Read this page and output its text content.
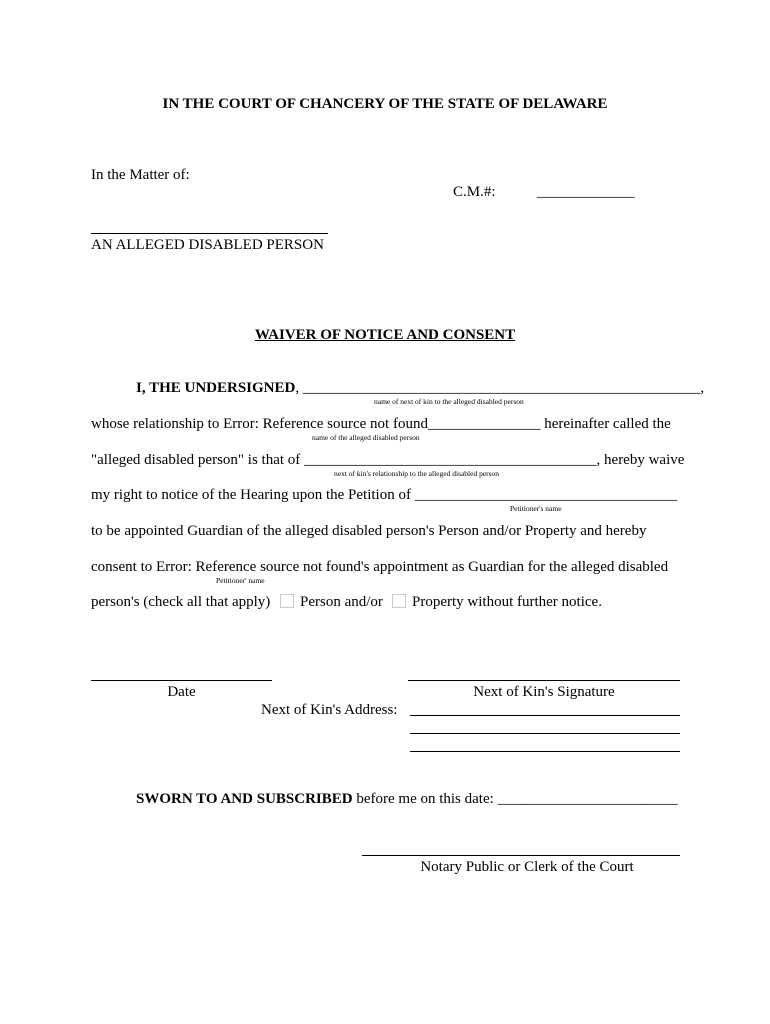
IN THE COURT OF CHANCERY OF THE STATE OF DELAWARE
In the Matter of:
C.M.#:	_____________
AN ALLEGED DISABLED PERSON
WAIVER OF NOTICE AND CONSENT
I, THE UNDERSIGNED, _____________________________________________________,
name of next of kin to the alleged disabled person
whose relationship to Error: Reference source not found_______________ hereinafter called the
name of the alleged disabled person
"alleged disabled person" is that of _______________________________________, hereby waive
next of kin's relationship to the alleged disabled person
my right to notice of the Hearing upon the Petition of ___________________________________
Petitioner's name
to be appointed Guardian of the alleged disabled person's Person and/or Property and hereby
consent to Error: Reference source not found's appointment as Guardian for the alleged disabled
Petitioner' name
person's (check all that apply) Person and/or Property without further notice.
Date	Next of Kin's Signature
Next of Kin's Address:
SWORN TO AND SUBSCRIBED before me on this date: ________________________
Notary Public or Clerk of the Court
